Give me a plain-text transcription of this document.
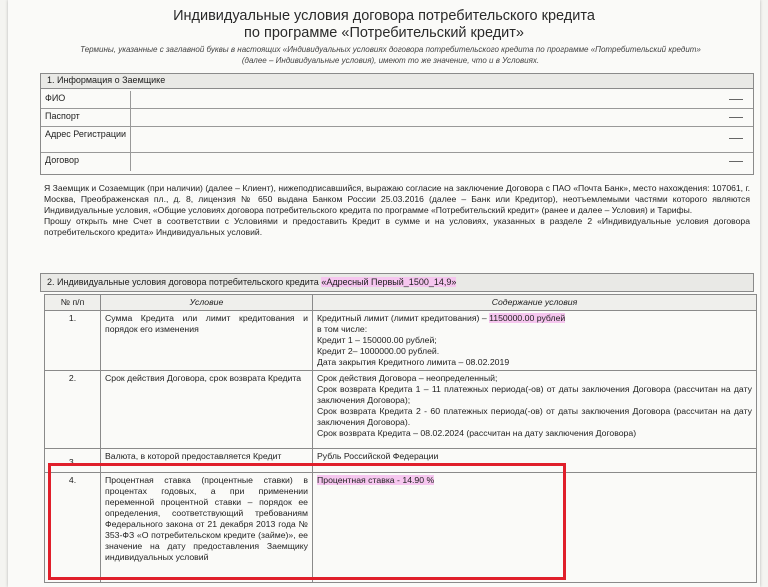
Индивидуальные условия договора потребительского кредита
по программе «Потребительский кредит»
Термины, указанные с заглавной буквы в настоящих «Индивидуальных условиях договора потребительского кредита по программе «Потребительский кредит»
(далее – Индивидуальные условия), имеют то же значение, что и в Условиях.
1. Информация о Заемщике
ФИО
Паспорт
Адрес Регистрации
Договор

Я Заемщик и Созаемщик (при наличии) (далее – Клиент), нижеподписавшийся, выражаю согласие на заключение Договора с ПАО «Почта Банк», место нахождения: 107061, г. Москва, Преображенская пл., д. 8, лицензия № 650 выдана Банком России 25.03.2016 (далее – Банк или Кредитор), неотъемлемыми частями которого являются Индивидуальные условия, «Общие условиях договора потребительского кредита по программе «Потребительский кредит» (ранее и далее – Условия) и Тарифы.

Прошу открыть мне Счет в соответствии с Условиями и предоставить Кредит в сумме и на условиях, указанных в разделе 2 «Индивидуальные условия договора потребительского кредита» Индивидуальных условий.

2. Индивидуальные условия договора потребительского кредита «Адресный Первый_1500_14,9»
№ п/п	Условие	Содержание условия
1.	Сумма Кредита или лимит кредитования и порядок его изменения	Кредитный лимит (лимит кредитования) – 1150000.00 рублей
в том числе:
Кредит 1 – 150000.00 рублей;
Кредит 2– 1000000.00 рублей.
Дата закрытия Кредитного лимита – 08.02.2019

2.	Срок действия Договора, срок возврата Кредита	Срок действия Договора – неопределенный;
Срок возврата Кредита 1 – 11 платежных периода(-ов) от даты заключения Договора (рассчитан на дату заключения Договора);
Срок возврата Кредита 2 - 60 платежных периода(-ов) от даты заключения Договора (рассчитан на дату заключения Договора).
Срок возврата Кредита – 08.02.2024 (рассчитан на дату заключения Договора)

3.	Валюта, в которой предоставляется Кредит	Рубль Российской Федерации
4.	Процентная ставка (процентные ставки) в процентах годовых, а при применении переменной процентной ставки – порядок ее определения, соответствующий требованиям Федерального закона от 21 декабря 2013 года № 353-ФЗ «О потребительском кредите (займе)», ее значение на дату предоставления Заемщику индивидуальных условий	Процентная ставка - 14.90 %
